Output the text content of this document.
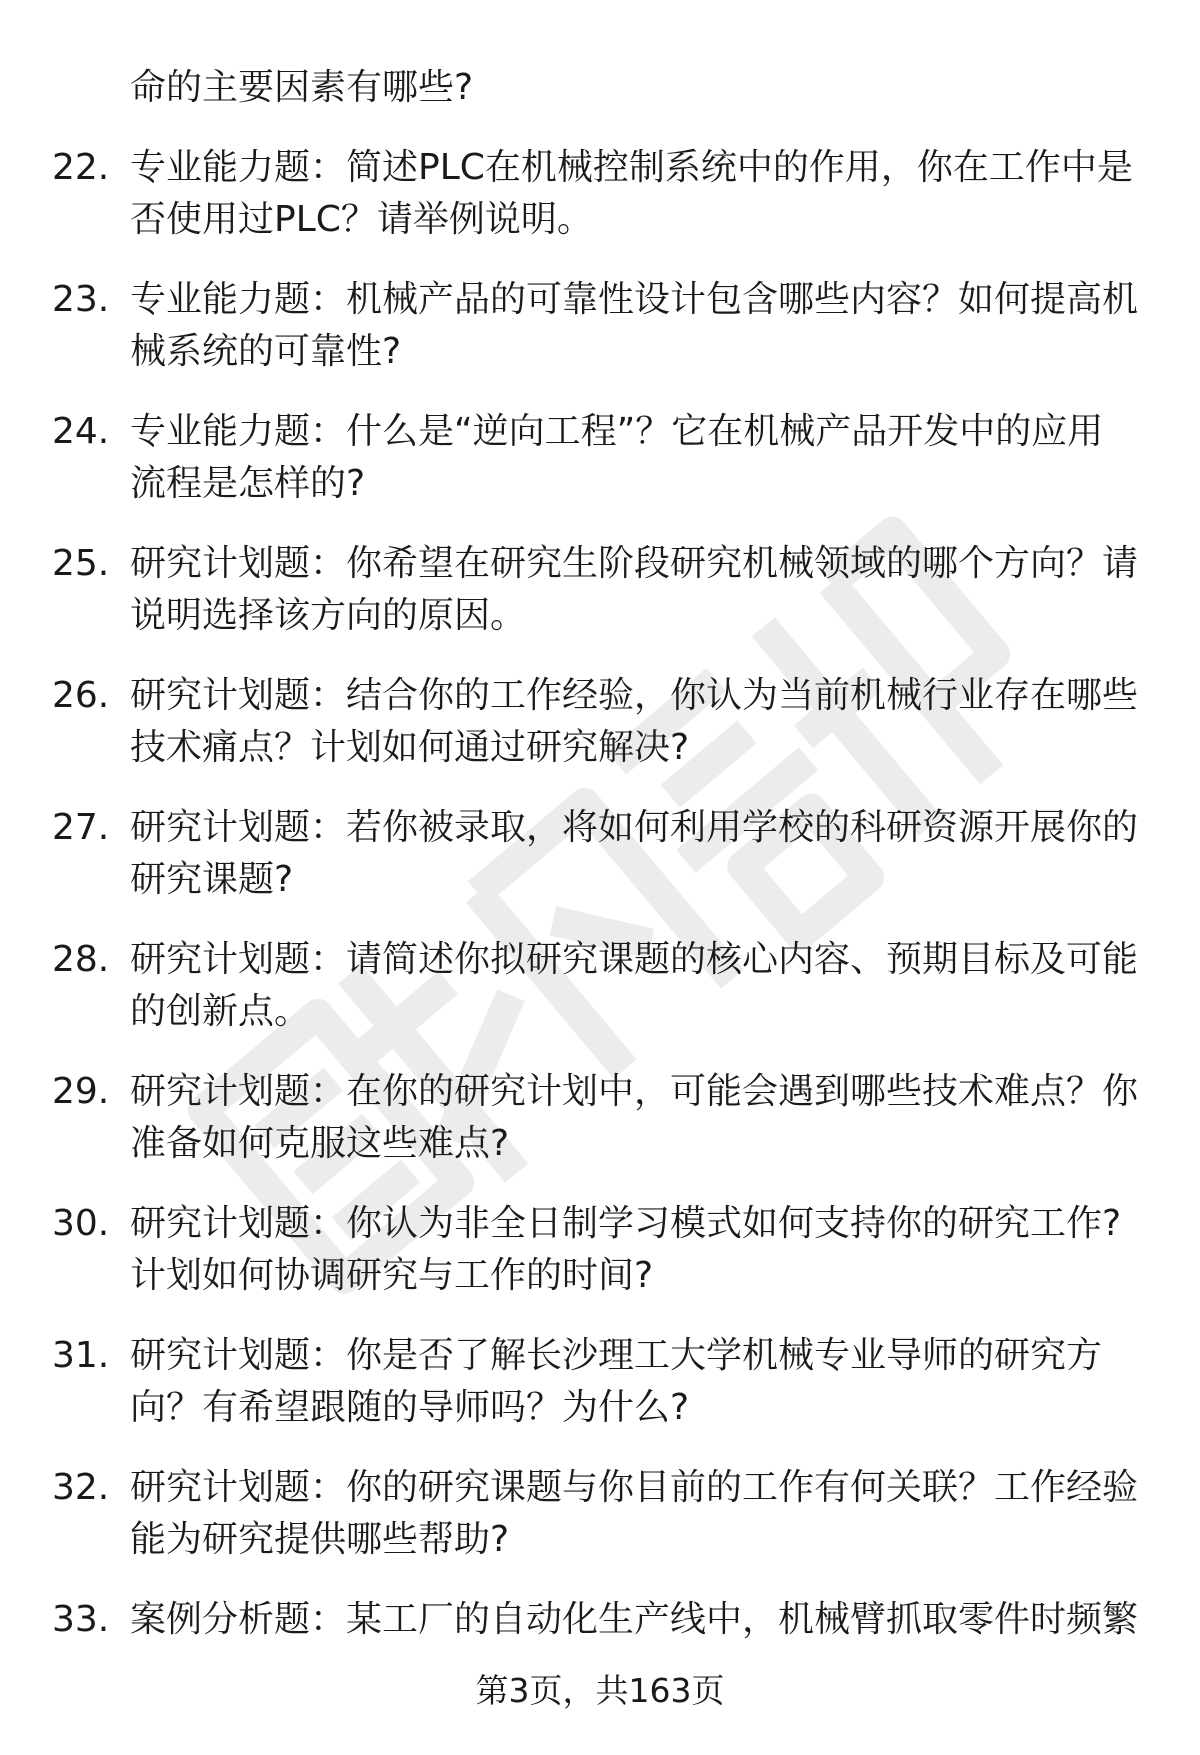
命的主要因素有哪些?
22. 专业能力题：简述PLC在机械控制系统中的作用，你在工作中是
否使用过PLC？请举例说明。
23. 专业能力题：机械产品的可靠性设计包含哪些内容？如何提高机
械系统的可靠性?
24. 专业能力题：什么是“逆向工程”？它在机械产品开发中的应用
流程是怎样的?
25. 研究计划题：你希望在研究生阶段研究机械领域的哪个方向？请
说明选择该方向的原因。
26. 研究计划题：结合你的工作经验，你认为当前机械行业存在哪些
技术痛点？计划如何通过研究解决?
27. 研究计划题：若你被录取，将如何利用学校的科研资源开展你的
研究课题?
28. 研究计划题：请简述你拟研究课题的核心内容、预期目标及可能
的创新点。
29. 研究计划题：在你的研究计划中，可能会遇到哪些技术难点？你
准备如何克服这些难点?
30. 研究计划题：你认为非全日制学习模式如何支持你的研究工作?
计划如何协调研究与工作的时间?
31. 研究计划题：你是否了解长沙理工大学机械专业导师的研究方
向？有希望跟随的导师吗？为什么?
32. 研究计划题：你的研究课题与你目前的工作有何关联？工作经验
能为研究提供哪些帮助?
33. 案例分析题：某工厂的自动化生产线中，机械臂抓取零件时频繁
第3页，共163页
